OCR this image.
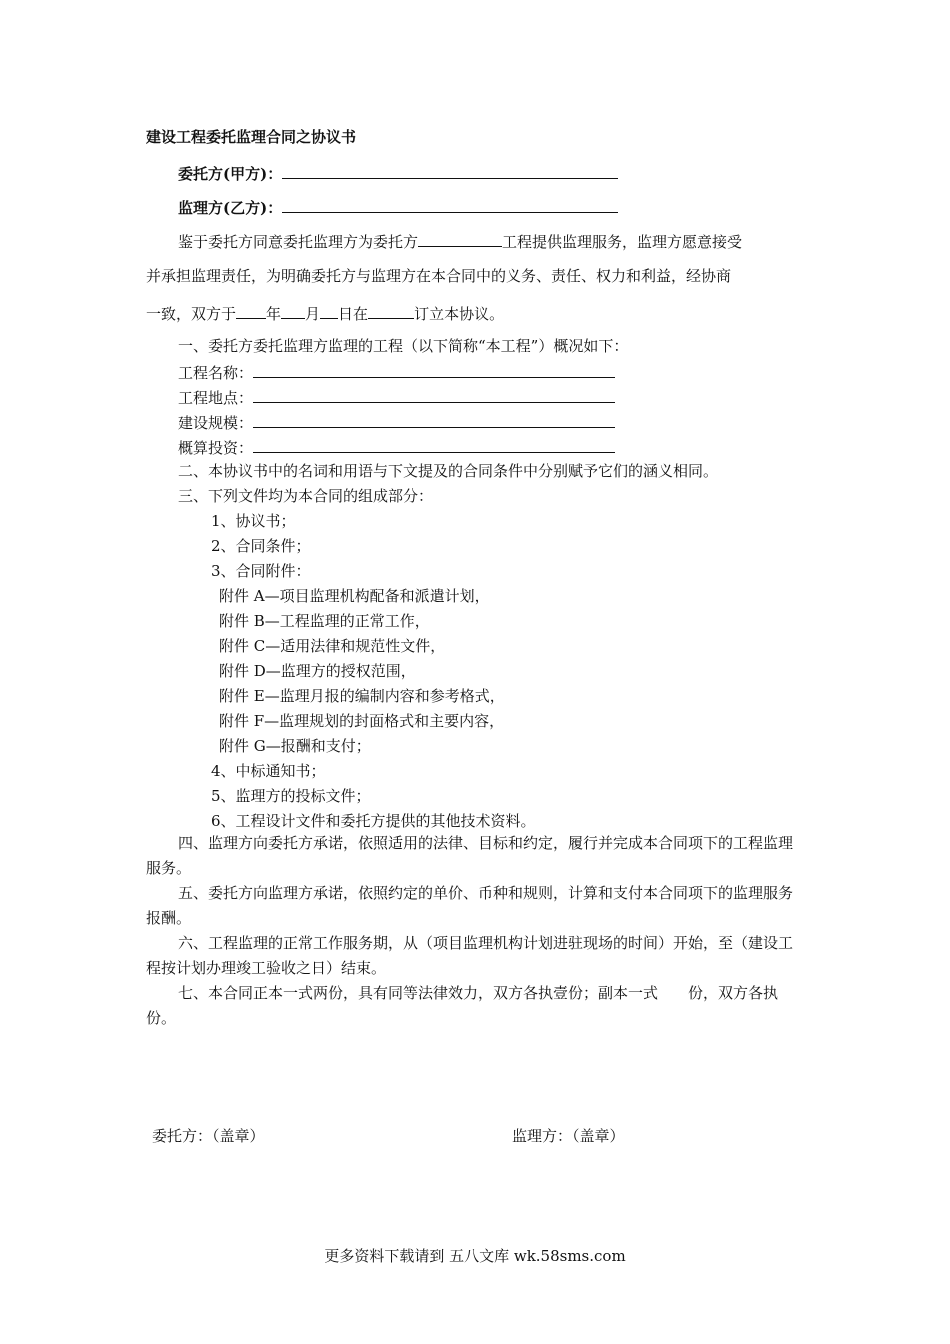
建设工程委托监理合同之协议书
委托方(甲方)：
监理方(乙方)：
鉴于委托方同意委托监理方为委托方	工程提供监理服务，监理方愿意接受
并承担监理责任，为明确委托方与监理方在本合同中的义务、责任、权力和利益，经协商
一致，双方于 年 月 日在	订立本协议。
一、委托方委托监理方监理的工程（以下简称“本工程”）概况如下：
工程名称：
工程地点：
建设规模：
概算投资：
二、本协议书中的名词和用语与下文提及的合同条件中分别赋予它们的涵义相同。
三、下列文件均为本合同的组成部分：
1、协议书；
2、合同条件；
3、合同附件：
附件 A—项目监理机构配备和派遣计划，
附件 B—工程监理的正常工作，
附件 C—适用法律和规范性文件，
附件 D—监理方的授权范围，
附件 E—监理月报的编制内容和参考格式，
附件 F—监理规划的封面格式和主要内容，
附件 G—报酬和支付；
4、中标通知书；
5、监理方的投标文件；
6、工程设计文件和委托方提供的其他技术资料。
四、监理方向委托方承诺，依照适用的法律、目标和约定，履行并完成本合同项下的工程监理服务。
五、委托方向监理方承诺，依照约定的单价、币种和规则，计算和支付本合同项下的监理服务报酬。
六、工程监理的正常工作服务期，从（项目监理机构计划进驻现场的时间）开始，至（建设工程按计划办理竣工验收之日）结束。
七、本合同正本一式两份，具有同等法律效力，双方各执壹份；副本一式　　份，双方各执　　份。
委托方：（盖章）	监理方：（盖章）
更多资料下载请到 五八文库 wk.58sms.com
